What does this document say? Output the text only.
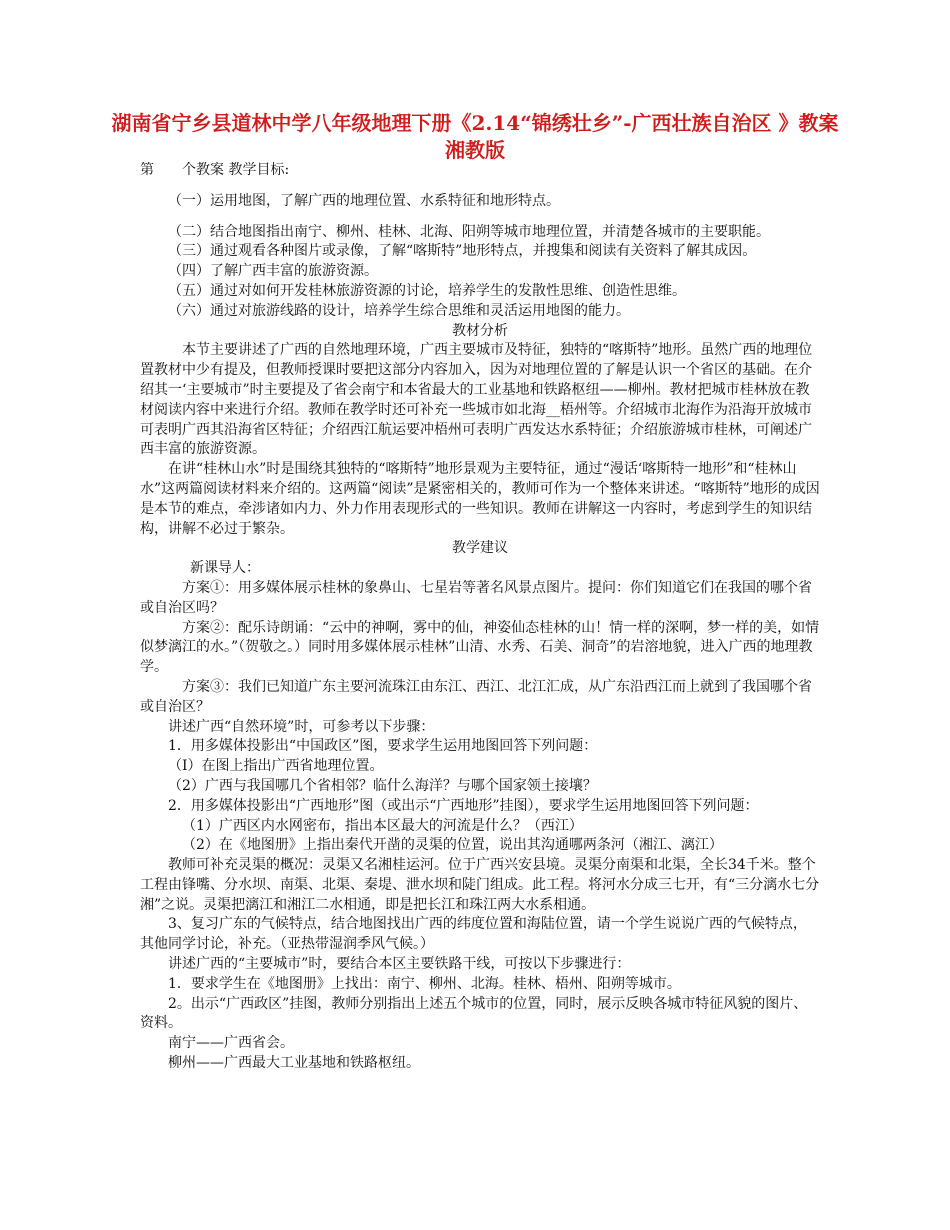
湖南省宁乡县道林中学八年级地理下册《2.14“锦绣壮乡”-广西壮族自治区 》教案 湘教版

第　　个教案 教学目标:

（一）运用地图，了解广西的地理位置、水系特征和地形特点。

（二）结合地图指出南宁、柳州、桂林、北海、阳朔等城市地理位置，并清楚各城市的主要职能。

（三）通过观看各种图片或录像，了解“喀斯特”地形特点，并搜集和阅读有关资料了解其成因。

（四）了解广西丰富的旅游资源。

（五）通过对如何开发桂林旅游资源的讨论，培养学生的发散性思维、创造性思维。

（六）通过对旅游线路的设计，培养学生综合思维和灵活运用地图的能力。

教材分析

本节主要讲述了广西的自然地理环境，广西主要城市及特征，独特的“喀斯特”地形。虽然广西的地理位置教材中少有提及，但教师授课时要把这部分内容加入，因为对地理位置的了解是认识一个省区的基础。在介绍其一‘主要城市”时主要提及了省会南宁和本省最大的工业基地和铁路枢纽——柳州。教材把城市桂林放在教材阅读内容中来进行介绍。教师在教学时还可补充一些城市如北海__梧州等。介绍城市北海作为沿海开放城市可表明广西其沿海省区特征；介绍西江航运要冲梧州可表明广西发达水系特征；介绍旅游城市桂林，可阐述广西丰富的旅游资源。

在讲“桂林山水”时是围绕其独特的“喀斯特”地形景观为主要特征，通过“漫话‘喀斯特一地形”和“桂林山水”这两篇阅读材料来介绍的。这两篇“阅读”是紧密相关的，教师可作为一个整体来讲述。“喀斯特”地形的成因是本节的难点，牵涉诸如内力、外力作用表现形式的一些知识。教师在讲解这一内容时，考虑到学生的知识结构，讲解不必过于繁杂。

教学建议

新课导人：

方案①：用多媒体展示桂林的象鼻山、七星岩等著名风景点图片。提问：你们知道它们在我国的哪个省或自治区吗？

方案②：配乐诗朗诵：“云中的神啊，雾中的仙，神姿仙态桂林的山！情一样的深啊，梦一样的美，如情似梦漓江的水。”（贺敬之。）同时用多媒体展示桂林”山清、水秀、石美、洞奇”的岩溶地貌，进入广西的地理教学。

方案③：我们已知道广东主要河流珠江由东江、西江、北江汇成，从广东沿西江而上就到了我国哪个省或自治区？

讲述广西“自然环境”时，可参考以下步骤：

1．用多媒体投影出“中国政区”图，要求学生运用地图回答下列问题：

（I）在图上指出广西省地理位置。

（2）广西与我国哪几个省相邻？临什么海洋？与哪个国家领土接壤？

2．用多媒体投影出“广西地形”图（或出示“广西地形”挂图），要求学生运用地图回答下列问题：

（1）广西区内水网密布，指出本区最大的河流是什么？（西江）

（2）在《地图册》上指出秦代开凿的灵渠的位置，说出其沟通哪两条河（湘江、漓江）

教师可补充灵渠的概况：灵渠又名湘桂运河。位于广西兴安县境。灵渠分南渠和北渠，全长34千米。整个工程由锋嘴、分水坝、南渠、北渠、秦堤、泄水坝和陡门组成。此工程。将河水分成三七开，有“三分漓水七分湘”之说。灵渠把漓江和湘江二水相通，即是把长江和珠江两大水系相通。

3、复习广东的气候特点，结合地图找出广西的纬度位置和海陆位置，请一个学生说说广西的气候特点，其他同学讨论，补充。（亚热带湿润季风气候。）

讲述广西的“主要城市”时，要结合本区主要铁路干线，可按以下步骤进行：

1．要求学生在《地图册》上找出：南宁、柳州、北海。桂林、梧州、阳朔等城市。

2。出示“广西政区”挂图，教师分别指出上述五个城市的位置，同时，展示反映各城市特征风貌的图片、资料。

南宁——广西省会。

柳州——广西最大工业基地和铁路枢纽。
